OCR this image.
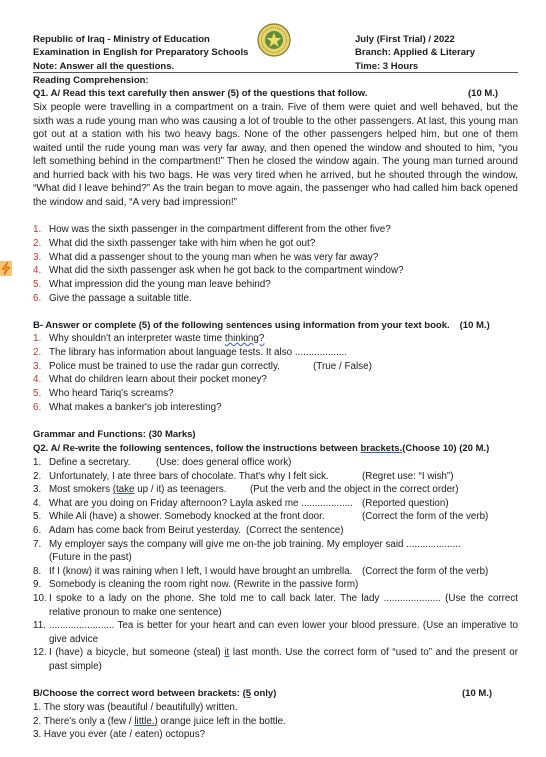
Republic of Iraq - Ministry of Education
Examination in English for Preparatory Schools
Note: Answer all the questions.
July (First Trial) / 2022
Branch: Applied & Literary
Time: 3 Hours
Reading Comprehension:
Q1. A/ Read this text carefully then answer (5) of the questions that follow.	(10 M.)
Six people were travelling in a compartment on a train. Five of them were quiet and well behaved, but the sixth was a rude young man who was causing a lot of trouble to the other passengers. At last, this young man got out at a station with his two heavy bags. None of the other passengers helped him, but one of them waited until the rude young man was very far away, and then opened the window and shouted to him, “you left something behind in the compartment!” Then he closed the window again. The young man turned around and hurried back with his two bags. He was very tired when he arrived, but he shouted through the window, “What did I leave behind?” As the train began to move again, the passenger who had called him back opened the window and said, “A very bad impression!”
1. How was the sixth passenger in the compartment different from the other five?
2. What did the sixth passenger take with him when he got out?
3. What did a passenger shout to the young man when he was very far away?
4. What did the sixth passenger ask when he got back to the compartment window?
5. What impression did the young man leave behind?
6. Give the passage a suitable title.
B- Answer or complete (5) of the following sentences using information from your text book. (10 M.)
1. Why shouldn't an interpreter waste time thinking?
2. The library has information about language tests. It also ...................
3. Police must be trained to use the radar gun correctly.	(True / False)
4. What do children learn about their pocket money?
5. Who heard Tariq's screams?
6. What makes a banker's job interesting?
Grammar and Functions: (30 Marks)
Q2. A/ Re-write the following sentences, follow the instructions between brackets.(Choose 10) (20 M.)
1. Define a secretary.	(Use: does general office work)
2. Unfortunately, I ate three bars of chocolate. That's why I felt sick.	(Regret use: “I wish”)
3. Most smokers (take up / it) as teenagers. (Put the verb and the object in the correct order)
4. What are you doing on Friday afternoon? Layla asked me ................... (Reported question)
5. While Ali (have) a shower. Somebody knocked at the front door.	(Correct the form of the verb)
6. Adam has come back from Beirut yesterday. (Correct the sentence)
7. My employer says the company will give me on-the job training. My employer said ....................
(Future in the past)
8. If I (know) it was raining when I left, I would have brought an umbrella. (Correct the form of the verb)
9. Somebody is cleaning the room right now. (Rewrite in the passive form)
10. I spoke to a lady on the phone. She told me to call back later. The lady ..................... (Use the correct relative pronoun to make one sentence)
11. ........................ Tea is better for your heart and can even lower your blood pressure. (Use an imperative to give advice
12. I (have) a bicycle, but someone (steal) it last month. Use the correct form of “used to” and the present or past simple)
B/Choose the correct word between brackets: (5 only)	(10 M.)
1. The story was (beautiful / beautifully) written.
2. There's only a (few / little.) orange juice left in the bottle.
3. Have you ever (ate / eaten) octopus?
